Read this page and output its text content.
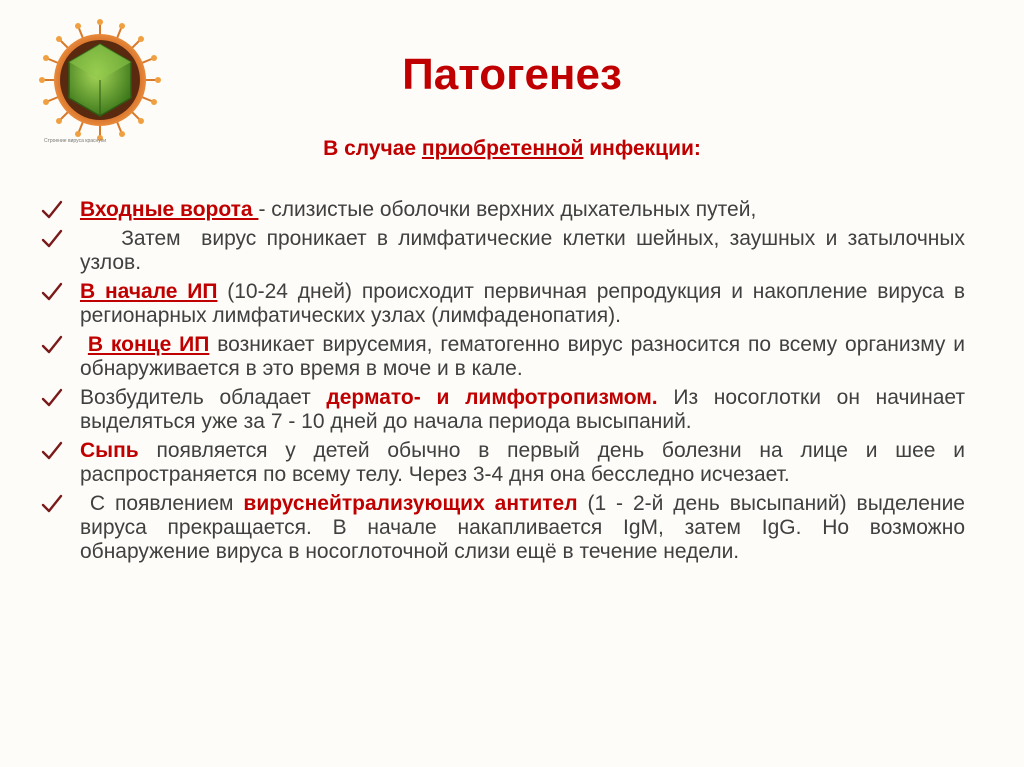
Строение вируса краснухи
Патогенез
В случае приобретенной инфекции:
Входные ворота - слизистые оболочки верхних дыхательных путей,
Затем  вирус проникает в лимфатические клетки шейных, заушных и затылочных узлов.
В начале ИП (10-24 дней) происходит первичная репродукция и накопление вируса в регионарных лимфатических узлах (лимфаденопатия).
В конце ИП возникает вирусемия, гематогенно вирус разносится по всему организму и обнаруживается в это время в моче и в кале.
Возбудитель обладает дермато- и лимфотропизмом. Из носоглотки он начинает выделяться уже за 7 - 10 дней до начала периода высыпаний.
Сыпь появляется у детей обычно в первый день болезни на лице и шее и распространяется по всему телу. Через 3-4 дня она бесследно исчезает.
С появлением вируснейтрализующих антител (1 - 2-й день высыпаний) выделение вируса прекращается. В начале накапливается IgM, затем IgG. Но возможно обнаружение вируса в носоглоточной слизи ещё в течение недели.
